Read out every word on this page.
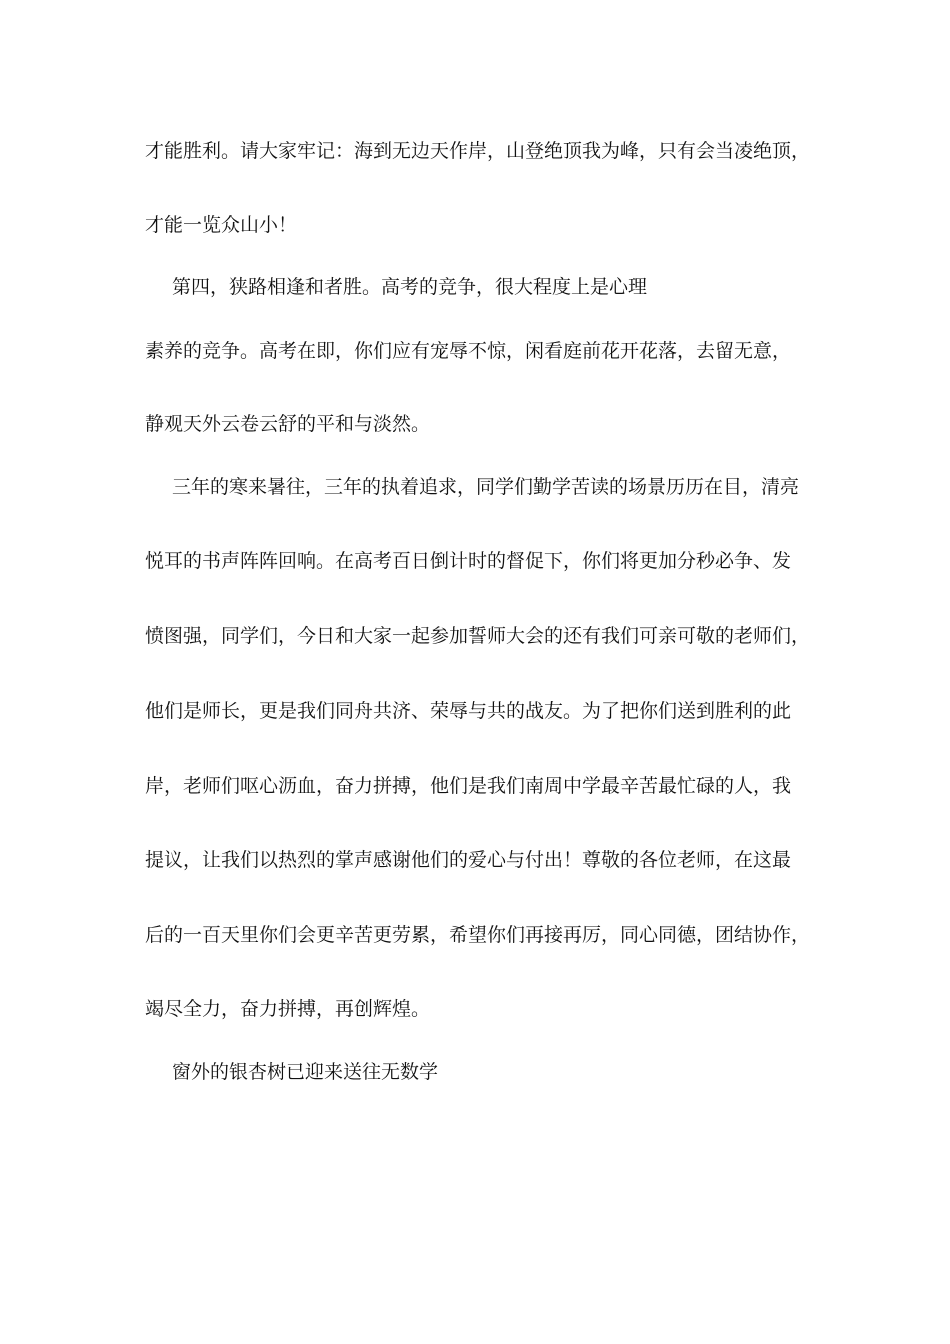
才能胜利。请大家牢记：海到无边天作岸，山登绝顶我为峰，只有会当凌绝顶，
才能一览众山小！
第四，狭路相逢和者胜。高考的竞争，很大程度上是心理
素养的竞争。高考在即，你们应有宠辱不惊，闲看庭前花开花落，去留无意，
静观天外云卷云舒的平和与淡然。
三年的寒来暑往，三年的执着追求，同学们勤学苦读的场景历历在目，清亮
悦耳的书声阵阵回响。在高考百日倒计时的督促下，你们将更加分秒必争、发
愤图强，同学们，今日和大家一起参加誓师大会的还有我们可亲可敬的老师们，
他们是师长，更是我们同舟共济、荣辱与共的战友。为了把你们送到胜利的此
岸，老师们呕心沥血，奋力拼搏，他们是我们南周中学最辛苦最忙碌的人，我
提议，让我们以热烈的掌声感谢他们的爱心与付出！尊敬的各位老师，在这最
后的一百天里你们会更辛苦更劳累，希望你们再接再厉，同心同德，团结协作，
竭尽全力，奋力拼搏，再创辉煌。
窗外的银杏树已迎来送往无数学
